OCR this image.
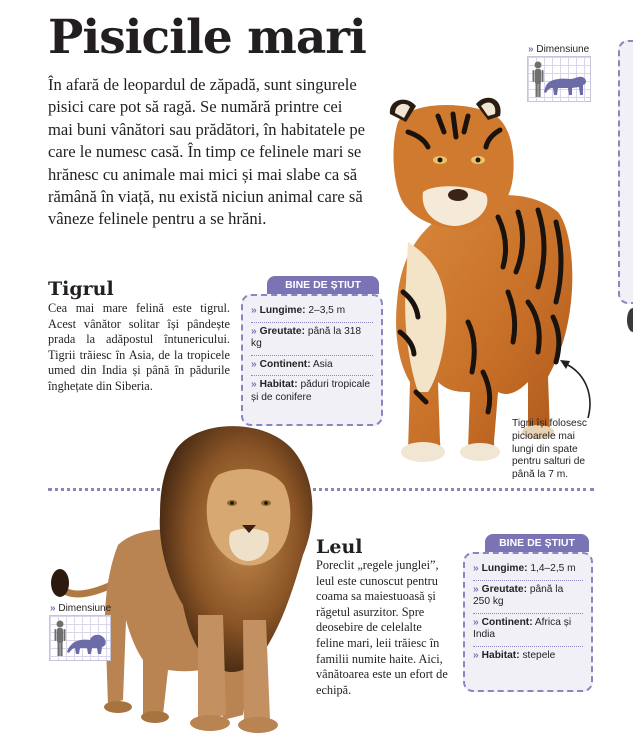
Pisicile mari

În afară de leopardul de zăpadă, sunt singurele pisici care pot să ragă. Se numără printre cei mai buni vânători sau prădători, în habitatele pe care le numesc casă. În timp ce felinele mari se hrănesc cu animale mai mici și mai slabe ca să rămână în viață, nu există niciun animal care să vâneze felinele pentru a se hrăni.

» Dimensiune

Tigrii își folosesc picioarele mai lungi din spate pentru salturi de până la 7 m.

Tigrul

Cea mai mare felină este tigrul. Acest vânător solitar își pândește prada la adăpostul întunericului. Tigrii trăiesc în Asia, de la tropicele umed din India și până în pădurile înghețate din Siberia.

BINE DE ȘTIUT
» Lungime: 2–3,5 m
» Greutate: până la 318 kg
» Continent: Asia
» Habitat: păduri tropicale și de conifere
» Dimensiune
Leul

Poreclit „regele junglei”, leul este cunoscut pentru coama sa maiestuoasă și răgetul asurzitor. Spre deosebire de celelalte feline mari, leii trăiesc în familii numite haite. Aici, vânătoarea este un efort de echipă.

BINE DE ȘTIUT
» Lungime: 1,4–2,5 m
» Greutate: până la 250 kg
» Continent: Africa și India
» Habitat: stepele
